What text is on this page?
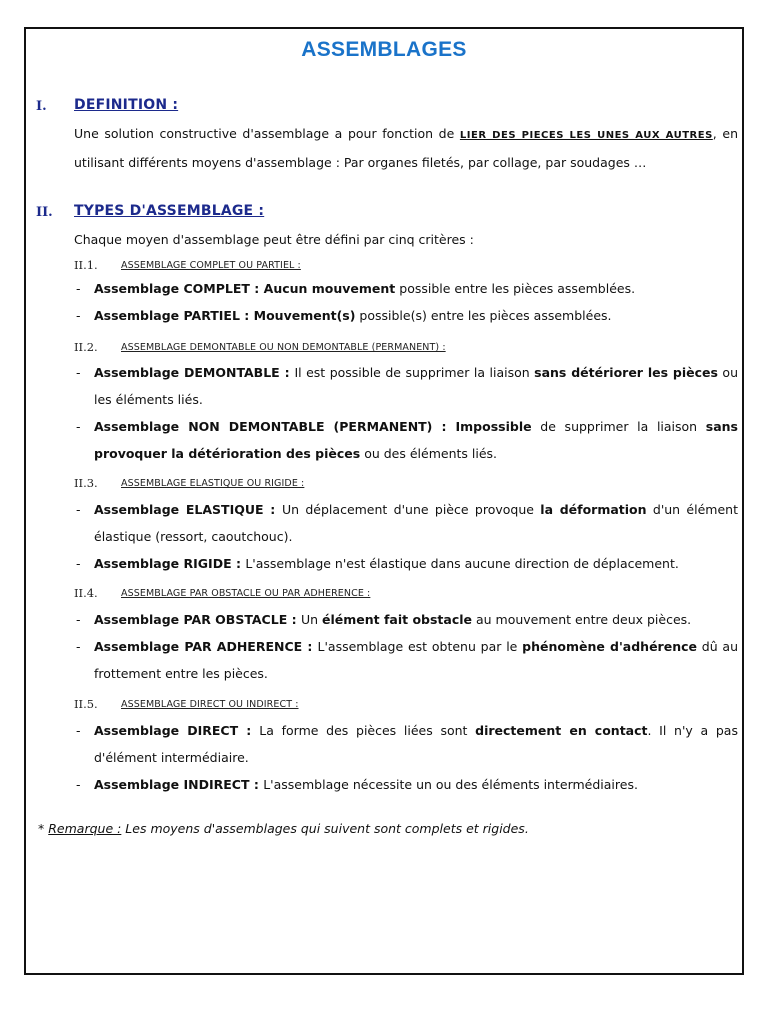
ASSEMBLAGES
I. DEFINITION :
Une solution constructive d'assemblage a pour fonction de LIER DES PIECES LES UNES AUX AUTRES, en utilisant différents moyens d'assemblage : Par organes filetés, par collage, par soudages …
II. TYPES D'ASSEMBLAGE :
Chaque moyen d'assemblage peut être défini par cinq critères :
II.1. ASSEMBLAGE COMPLET OU PARTIEL :
- Assemblage COMPLET : Aucun mouvement possible entre les pièces assemblées.
- Assemblage PARTIEL : Mouvement(s) possible(s) entre les pièces assemblées.
II.2. ASSEMBLAGE DEMONTABLE OU NON DEMONTABLE (PERMANENT) :
- Assemblage DEMONTABLE : Il est possible de supprimer la liaison sans détériorer les pièces ou les éléments liés.
- Assemblage NON DEMONTABLE (PERMANENT) : Impossible de supprimer la liaison sans provoquer la détérioration des pièces ou des éléments liés.
II.3. ASSEMBLAGE ELASTIQUE OU RIGIDE :
- Assemblage ELASTIQUE : Un déplacement d'une pièce provoque la déformation d'un élément élastique (ressort, caoutchouc).
- Assemblage RIGIDE : L'assemblage n'est élastique dans aucune direction de déplacement.
II.4. ASSEMBLAGE PAR OBSTACLE OU PAR ADHERENCE :
- Assemblage PAR OBSTACLE : Un élément fait obstacle au mouvement entre deux pièces.
- Assemblage PAR ADHERENCE : L'assemblage est obtenu par le phénomène d'adhérence dû au frottement entre les pièces.
II.5. ASSEMBLAGE DIRECT OU INDIRECT :
- Assemblage DIRECT : La forme des pièces liées sont directement en contact. Il n'y a pas d'élément intermédiaire.
- Assemblage INDIRECT : L'assemblage nécessite un ou des éléments intermédiaires.
* Remarque : Les moyens d'assemblages qui suivent sont complets et rigides.
